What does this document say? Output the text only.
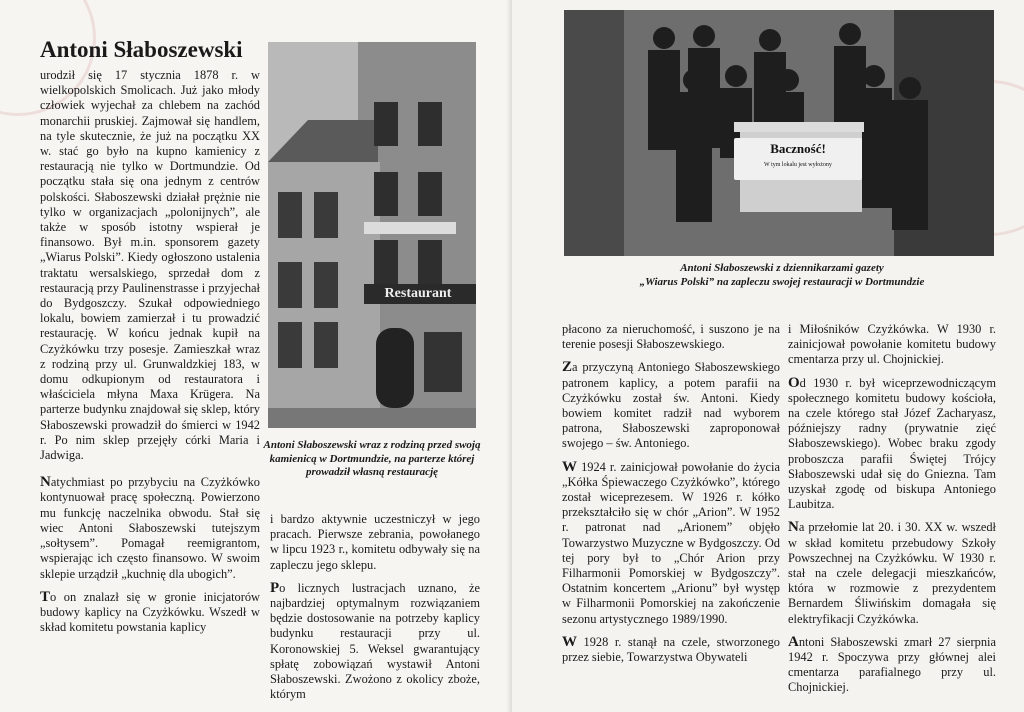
Antoni Słaboszewski

urodził się 17 stycznia 1878 r. w wielkopolskich Smolicach. Już jako młody człowiek wyjechał za chlebem na zachód monarchii pruskiej. Zajmował się handlem, na tyle skutecznie, że już na początku XX w. stać go było na kupno kamienicy z restauracją nie tylko w Dortmundzie. Od początku stała się ona jednym z centrów polskości. Słaboszewski działał prężnie nie tylko w organizacjach „polonijnych”, ale także w sposób istotny wspierał je finansowo. Był m.in. sponsorem gazety „Wiarus Polski”. Kiedy ogłoszono ustalenia traktatu wersalskiego, sprzedał dom z restauracją przy Paulinenstrasse i przyjechał do Bydgoszczy. Szukał odpowiedniego lokalu, bowiem zamierzał i tu prowadzić restaurację. W końcu jednak kupił na Czyżkówku trzy posesje. Zamieszkał wraz z rodziną przy ul. Grunwaldzkiej 183, w domu odkupionym od restauratora i właściciela młyna Maxa Krügera. Na parterze budynku znajdował się sklep, który Słaboszewski prowadził do śmierci w 1942 r. Po nim sklep przejęły córki Maria i Jadwiga.

Natychmiast po przybyciu na Czyżkówko kontynuował pracę społeczną. Powierzono mu funkcję naczelnika obwodu. Stał się wiec Antoni Słaboszewski tutejszym „sołtysem”. Pomagał reemigrantom, wspierając ich często finansowo. W swoim sklepie urządził „kuchnię dla ubogich”.

To on znalazł się w gronie inicjatorów budowy kaplicy na Czyżkówku. Wszedł w skład komitetu powstania kaplicy

Restaurant
Antoni Słaboszewski wraz z rodziną przed swoją kamienicą w Dortmundzie, na parterze której prowadził własną restaurację

i bardzo aktywnie uczestniczył w jego pracach. Pierwsze zebrania, powołanego w lipcu 1923 r., komitetu odbywały się na zapleczu jego sklepu.

Po licznych lustracjach uznano, że najbardziej optymalnym rozwiązaniem będzie dostosowanie na potrzeby kaplicy budynku restauracji przy ul. Koronowskiej 5. Weksel gwarantujący spłatę zobowiązań wystawił Antoni Słaboszewski. Zwożono z okolicy zboże, którym

Baczność!
W tym lokalu jest wyłożony
Antoni Słaboszewski z dziennikarzami gazety
„Wiarus Polski” na zapleczu swojej restauracji w Dortmundzie

płacono za nieruchomość, i suszono je na terenie posesji Słaboszewskiego.

Za przyczyną Antoniego Słaboszewskiego patronem kaplicy, a potem parafii na Czyżkówku został św. Antoni. Kiedy bowiem komitet radził nad wyborem patrona, Słaboszewski zaproponował swojego – św. Antoniego.

W 1924 r. zainicjował powołanie do życia „Kółka Śpiewaczego Czyżkówko”, którego został wiceprezesem. W 1926 r. kółko przekształciło się w chór „Arion”. W 1952 r. patronat nad „Arionem” objęło Towarzystwo Muzyczne w Bydgoszczy. Od tej pory był to „Chór Arion przy Filharmonii Pomorskiej w Bydgoszczy”. Ostatnim koncertem „Arionu” był występ w Filharmonii Pomorskiej na zakończenie sezonu artystycznego 1989/1990.

W 1928 r. stanął na czele, stworzonego przez siebie, Towarzystwa Obywateli

i Miłośników Czyżkówka. W 1930 r. zainicjował powołanie komitetu budowy cmentarza przy ul. Chojnickiej.

Od 1930 r. był wiceprzewodniczącym społecznego komitetu budowy kościoła, na czele którego stał Józef Zacharyasz, późniejszy radny (prywatnie zięć Słaboszewskiego). Wobec braku zgody proboszcza parafii Świętej Trójcy Słaboszewski udał się do Gniezna. Tam uzyskał zgodę od biskupa Antoniego Laubitza.

Na przełomie lat 20. i 30. XX w. wszedł w skład komitetu przebudowy Szkoły Powszechnej na Czyżkówku. W 1930 r. stał na czele delegacji mieszkańców, która w rozmowie z prezydentem Bernardem Śliwińskim domagała się elektryfikacji Czyżkówka.

Antoni Słaboszewski zmarł 27 sierpnia 1942 r. Spoczywa przy głównej alei cmentarza parafialnego przy ul. Chojnickiej.
